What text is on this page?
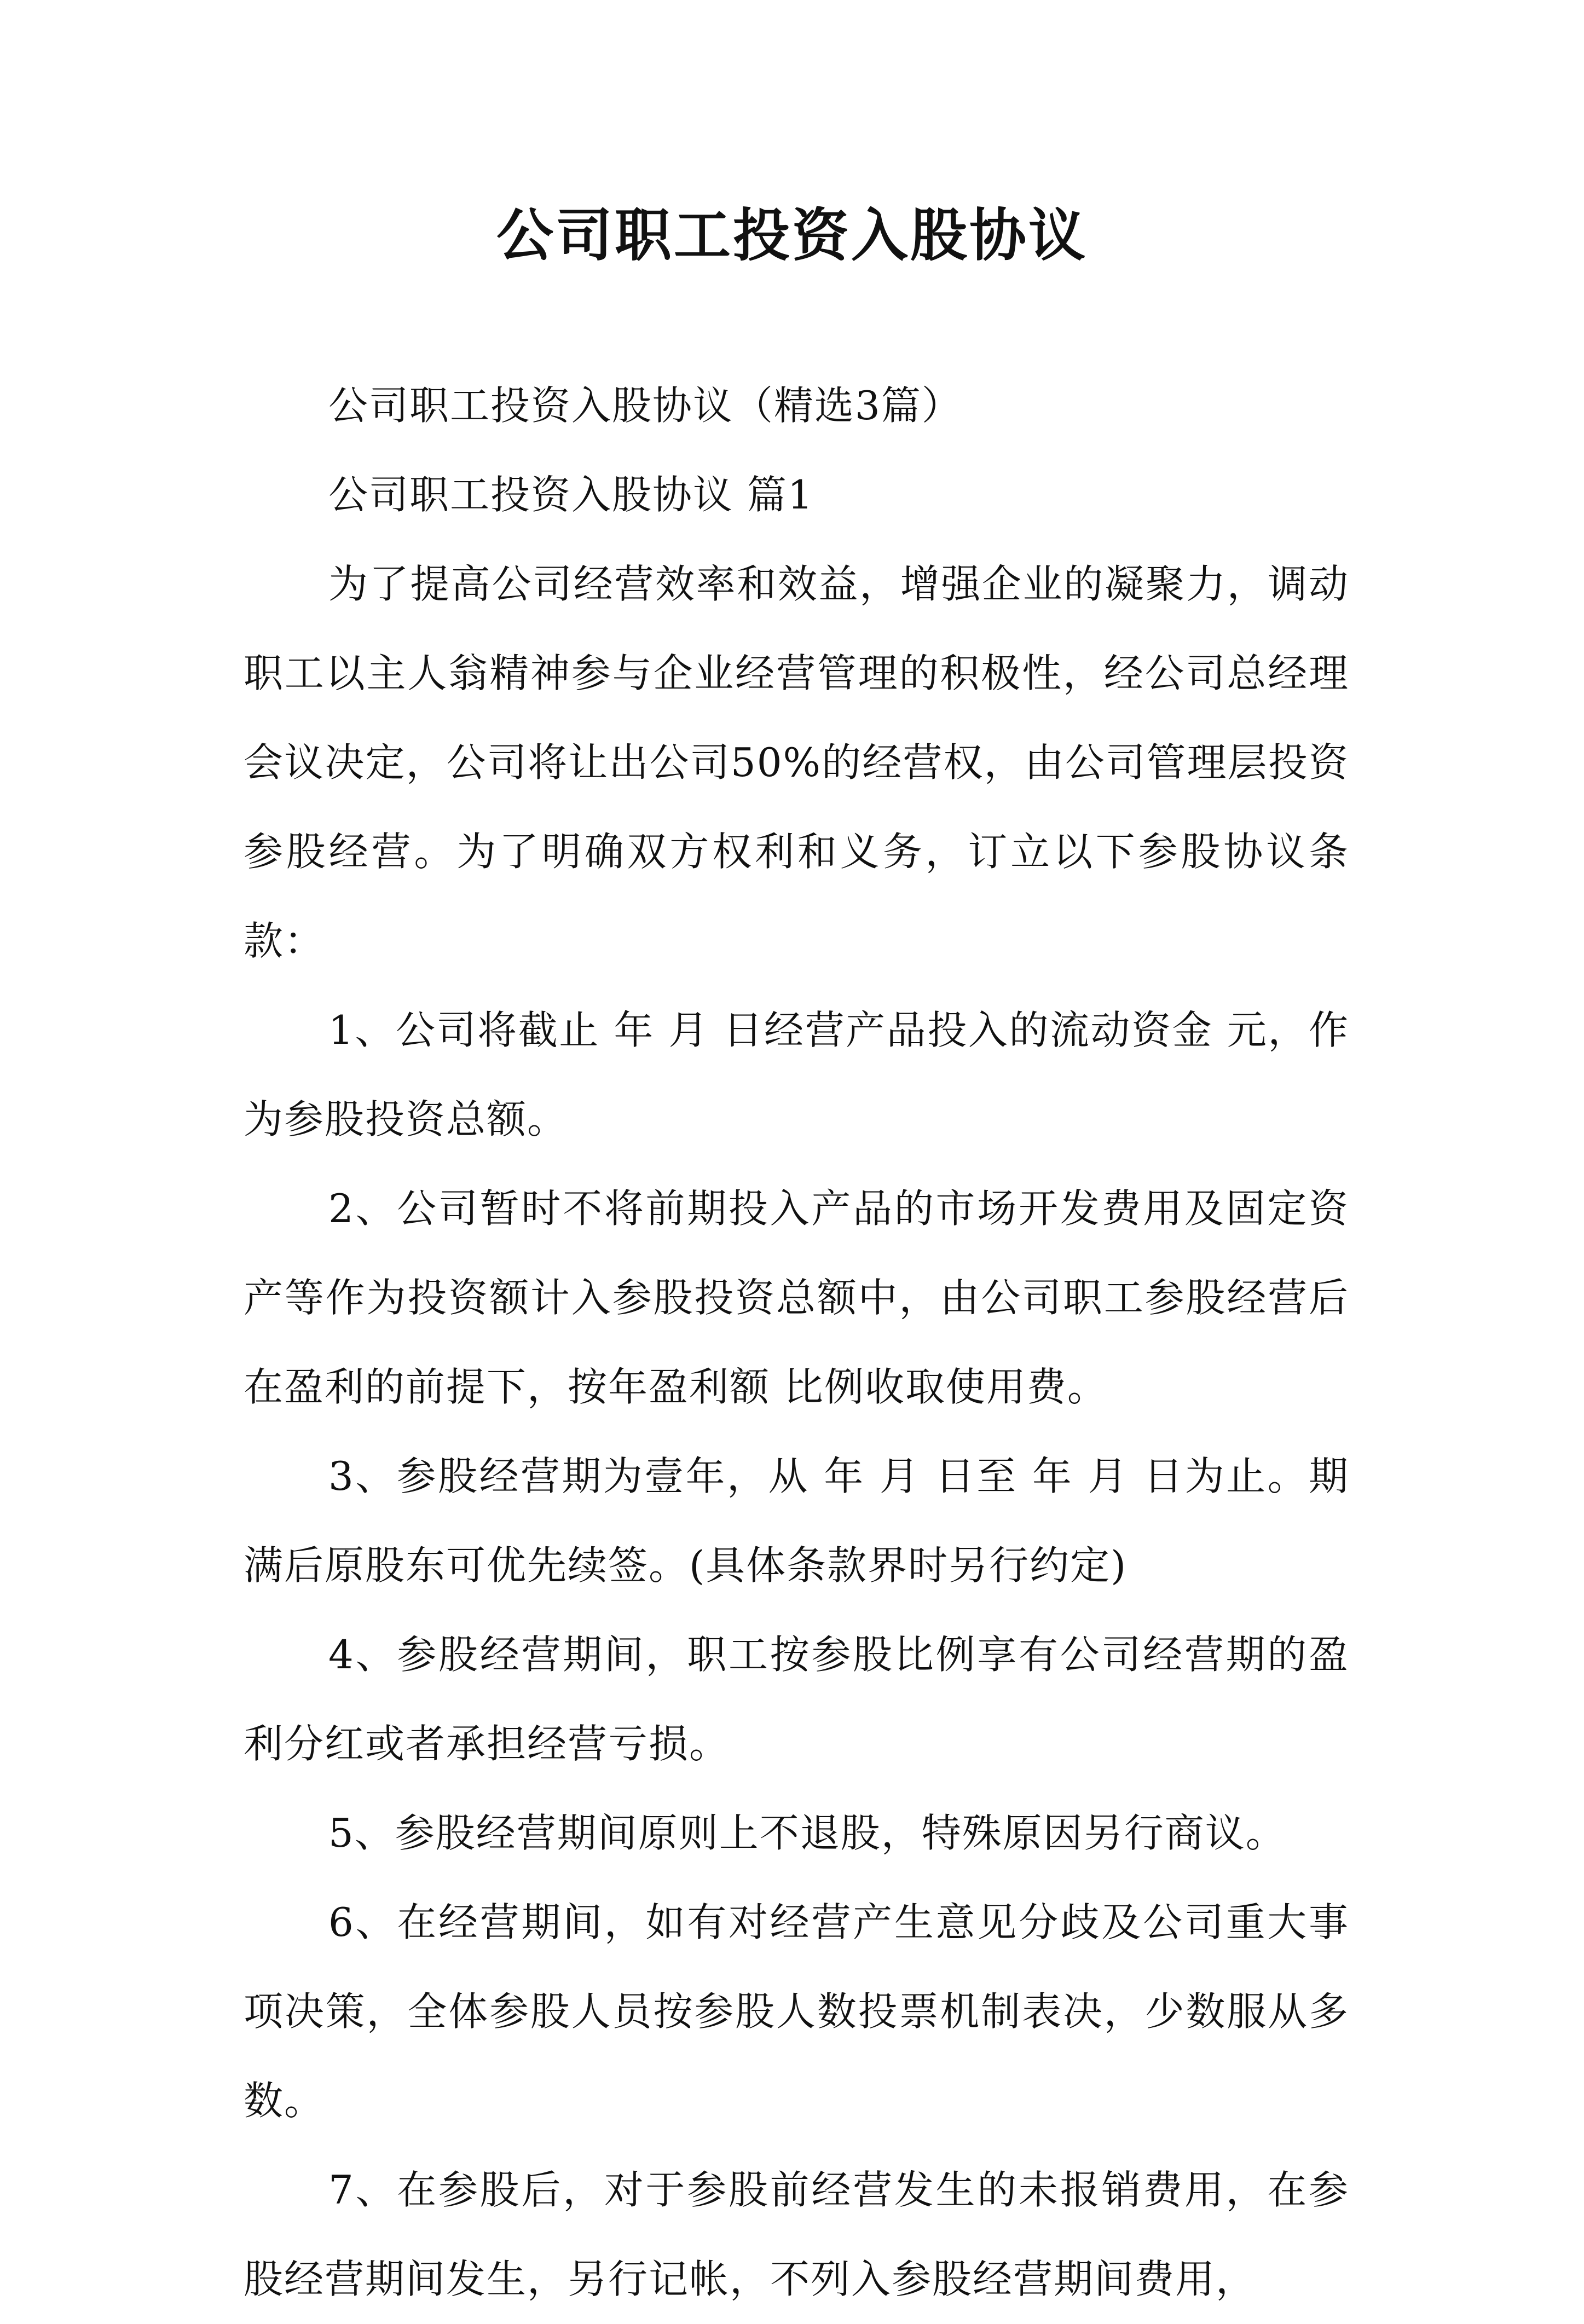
公司职工投资入股协议

公司职工投资入股协议（精选3篇）

公司职工投资入股协议 篇1

为了提高公司经营效率和效益，增强企业的凝聚力，调动职工以主人翁精神参与企业经营管理的积极性，经公司总经理会议决定，公司将让出公司50%的经营权，由公司管理层投资参股经营。为了明确双方权利和义务，订立以下参股协议条款：

1、公司将截止 年 月 日经营产品投入的流动资金 元，作为参股投资总额。

2、公司暂时不将前期投入产品的市场开发费用及固定资产等作为投资额计入参股投资总额中，由公司职工参股经营后在盈利的前提下，按年盈利额 比例收取使用费。

3、参股经营期为壹年，从 年 月 日至 年 月 日为止。期满后原股东可优先续签。(具体条款界时另行约定)

4、参股经营期间，职工按参股比例享有公司经营期的盈利分红或者承担经营亏损。

5、参股经营期间原则上不退股，特殊原因另行商议。

6、在经营期间，如有对经营产生意见分歧及公司重大事项决策，全体参股人员按参股人数投票机制表决，少数服从多数。

7、在参股后，对于参股前经营发生的未报销费用，在参股经营期间发生，另行记帐，不列入参股经营期间费用，
